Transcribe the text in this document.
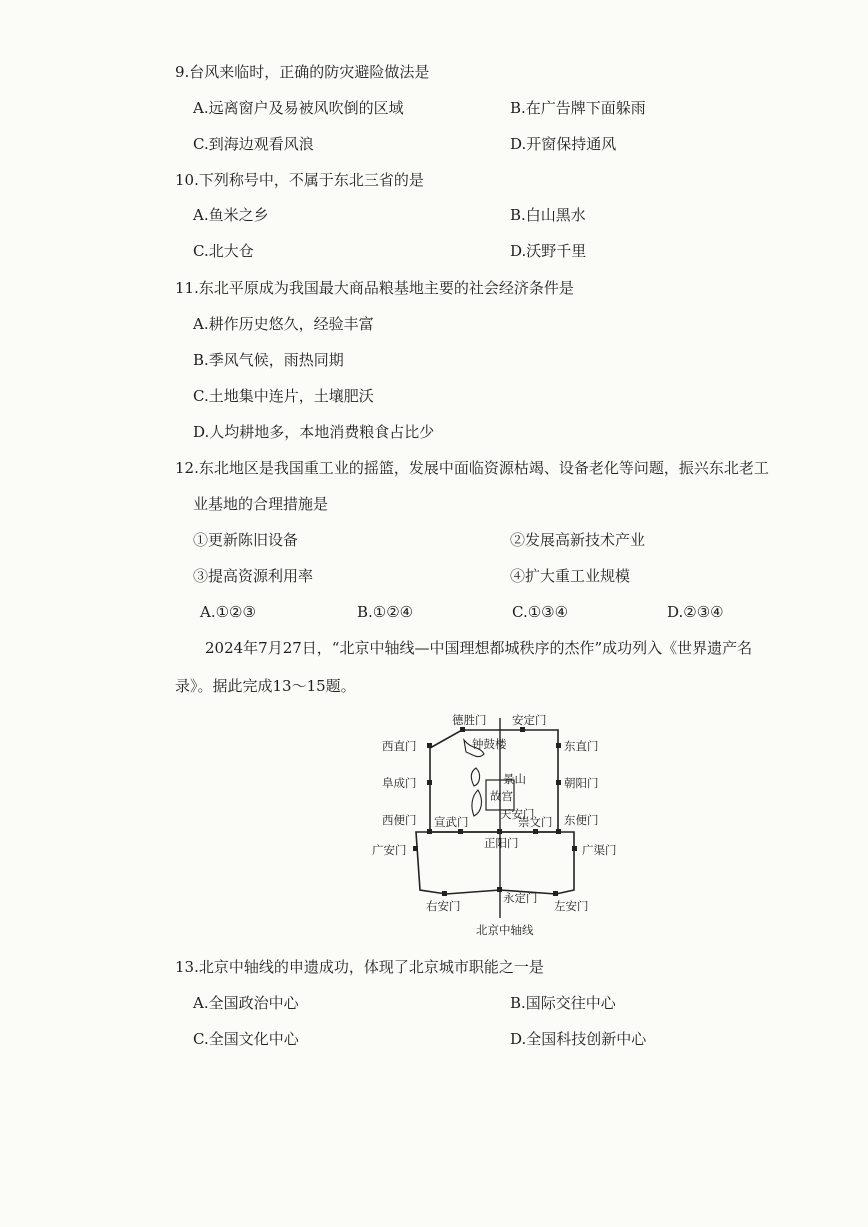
9.台风来临时，正确的防灾避险做法是
A.远离窗户及易被风吹倒的区域	B.在广告牌下面躲雨
C.到海边观看风浪	D.开窗保持通风
10.下列称号中，不属于东北三省的是
A.鱼米之乡	B.白山黑水
C.北大仓	D.沃野千里
11.东北平原成为我国最大商品粮基地主要的社会经济条件是
A.耕作历史悠久，经验丰富
B.季风气候，雨热同期
C.土地集中连片，土壤肥沃
D.人均耕地多，本地消费粮食占比少
12.东北地区是我国重工业的摇篮，发展中面临资源枯竭、设备老化等问题，振兴东北老工
业基地的合理措施是
①更新陈旧设备	②发展高新技术产业
③提高资源利用率	④扩大重工业规模
A.①②③	B.①②④	C.①③④	D.②③④
2024年7月27日，“北京中轴线—中国理想都城秩序的杰作”成功列入《世界遗产名
录》。据此完成13～15题。
德胜门 安定门
西直门	东直门
阜成门	朝阳门
西便门	东便门
宣武门	崇文门
广安门	广渠门
正阳门
右安门
永定门
左安门
钟鼓楼
景山
故宫
天安门
北京中轴线
13.北京中轴线的申遗成功，体现了北京城市职能之一是
A.全国政治中心	B.国际交往中心
C.全国文化中心	D.全国科技创新中心
